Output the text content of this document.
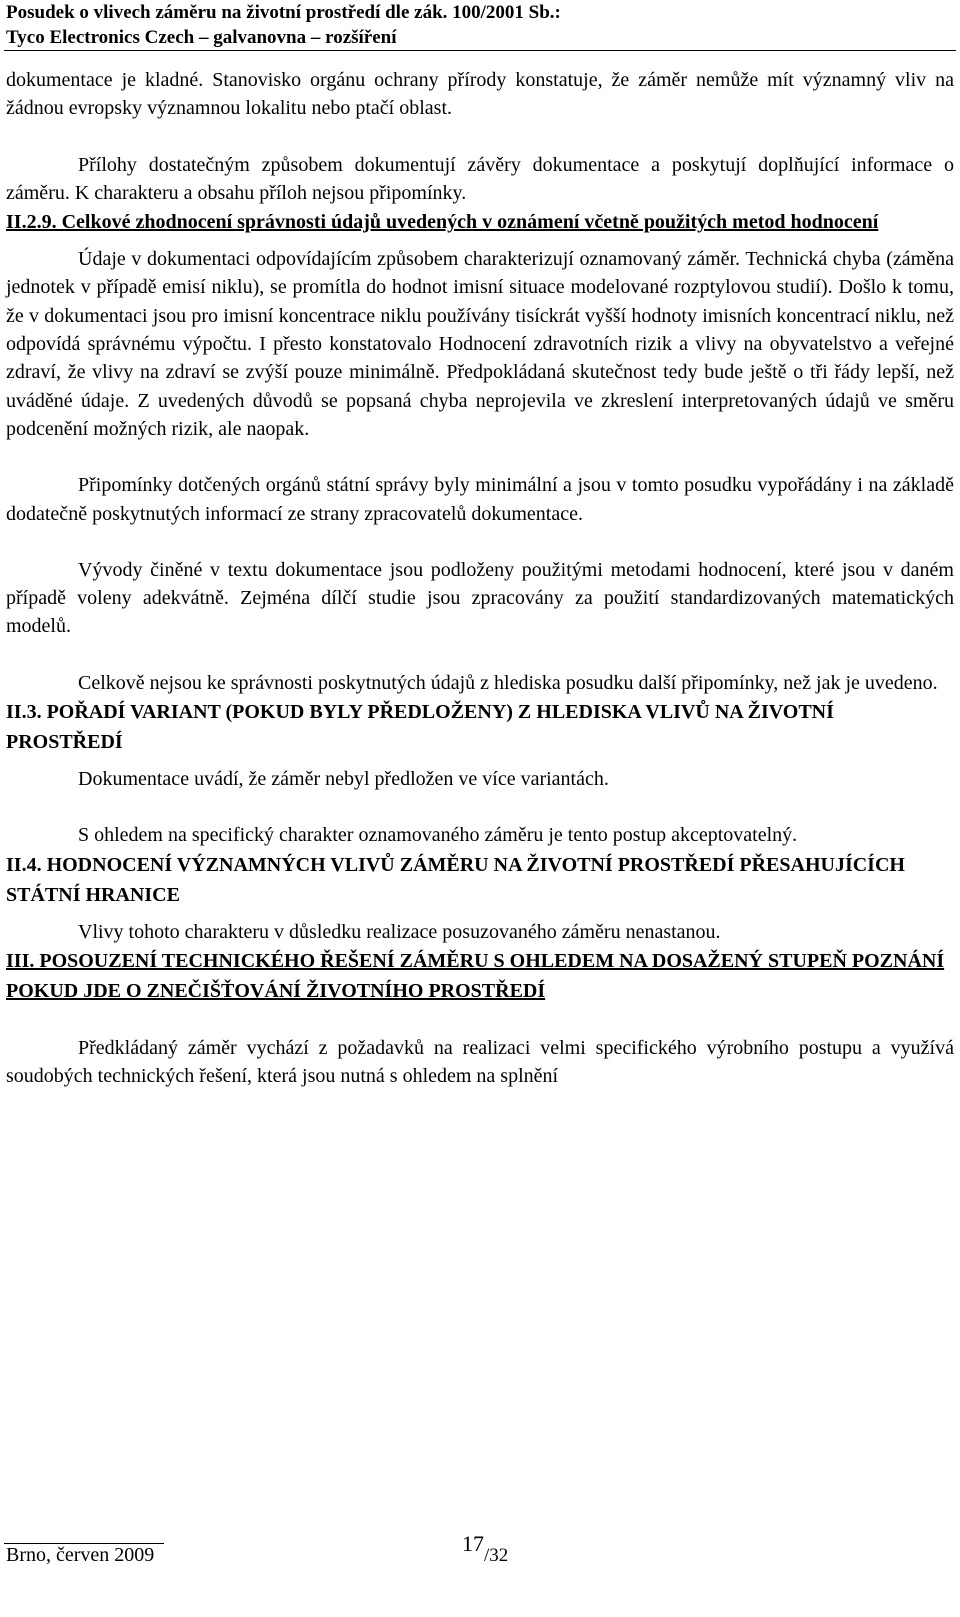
Posudek o vlivech záměru na životní prostředí dle zák. 100/2001 Sb.:
Tyco Electronics Czech – galvanovna – rozšíření

dokumentace je kladné. Stanovisko orgánu ochrany přírody konstatuje, že záměr nemůže mít významný vliv na žádnou evropsky významnou lokalitu nebo ptačí oblast.

Přílohy dostatečným způsobem dokumentují závěry dokumentace a poskytují doplňující informace o záměru. K charakteru a obsahu příloh nejsou připomínky.

II.2.9. Celkové zhodnocení správnosti údajů uvedených v oznámení včetně použitých metod hodnocení

Údaje v dokumentaci odpovídajícím způsobem charakterizují oznamovaný záměr. Technická chyba (záměna jednotek v případě emisí niklu), se promítla do hodnot imisní situace modelované rozptylovou studií). Došlo k tomu, že v dokumentaci jsou pro imisní koncentrace niklu používány tisíckrát vyšší hodnoty imisních koncentrací niklu, než odpovídá správnému výpočtu. I přesto konstatovalo Hodnocení zdravotních rizik a vlivy na obyvatelstvo a veřejné zdraví, že vlivy na zdraví se zvýší pouze minimálně. Předpokládaná skutečnost tedy bude ještě o tři řády lepší, než uváděné údaje. Z uvedených důvodů se popsaná chyba neprojevila ve zkreslení interpretovaných údajů ve směru podcenění možných rizik, ale naopak.

Připomínky dotčených orgánů státní správy byly minimální a jsou v tomto posudku vypořádány i na základě dodatečně poskytnutých informací ze strany zpracovatelů dokumentace.

Vývody činěné v textu dokumentace jsou podloženy použitými metodami hodnocení, které jsou v daném případě voleny adekvátně. Zejména dílčí studie jsou zpracovány za použití standardizovaných matematických modelů.

Celkově nejsou ke správnosti poskytnutých údajů z hlediska posudku další připomínky, než jak je uvedeno.

II.3. POŘADÍ VARIANT (POKUD BYLY PŘEDLOŽENY) Z HLEDISKA VLIVŮ NA ŽIVOTNÍ PROSTŘEDÍ

Dokumentace uvádí, že záměr nebyl předložen ve více variantách.

S ohledem na specifický charakter oznamovaného záměru je tento postup akceptovatelný.

II.4. HODNOCENÍ VÝZNAMNÝCH VLIVŮ ZÁMĚRU NA ŽIVOTNÍ PROSTŘEDÍ PŘESAHUJÍCÍCH STÁTNÍ HRANICE

Vlivy tohoto charakteru v důsledku realizace posuzovaného záměru nenastanou.

III. POSOUZENÍ TECHNICKÉHO ŘEŠENÍ ZÁMĚRU S OHLEDEM NA DOSAŽENÝ STUPEŇ POZNÁNÍ POKUD JDE O ZNEČIŠŤOVÁNÍ ŽIVOTNÍHO PROSTŘEDÍ

Předkládaný záměr vychází z požadavků na realizaci velmi specifického výrobního postupu a využívá soudobých technických řešení, která jsou nutná s ohledem na splnění

Brno, červen 2009	17/32
